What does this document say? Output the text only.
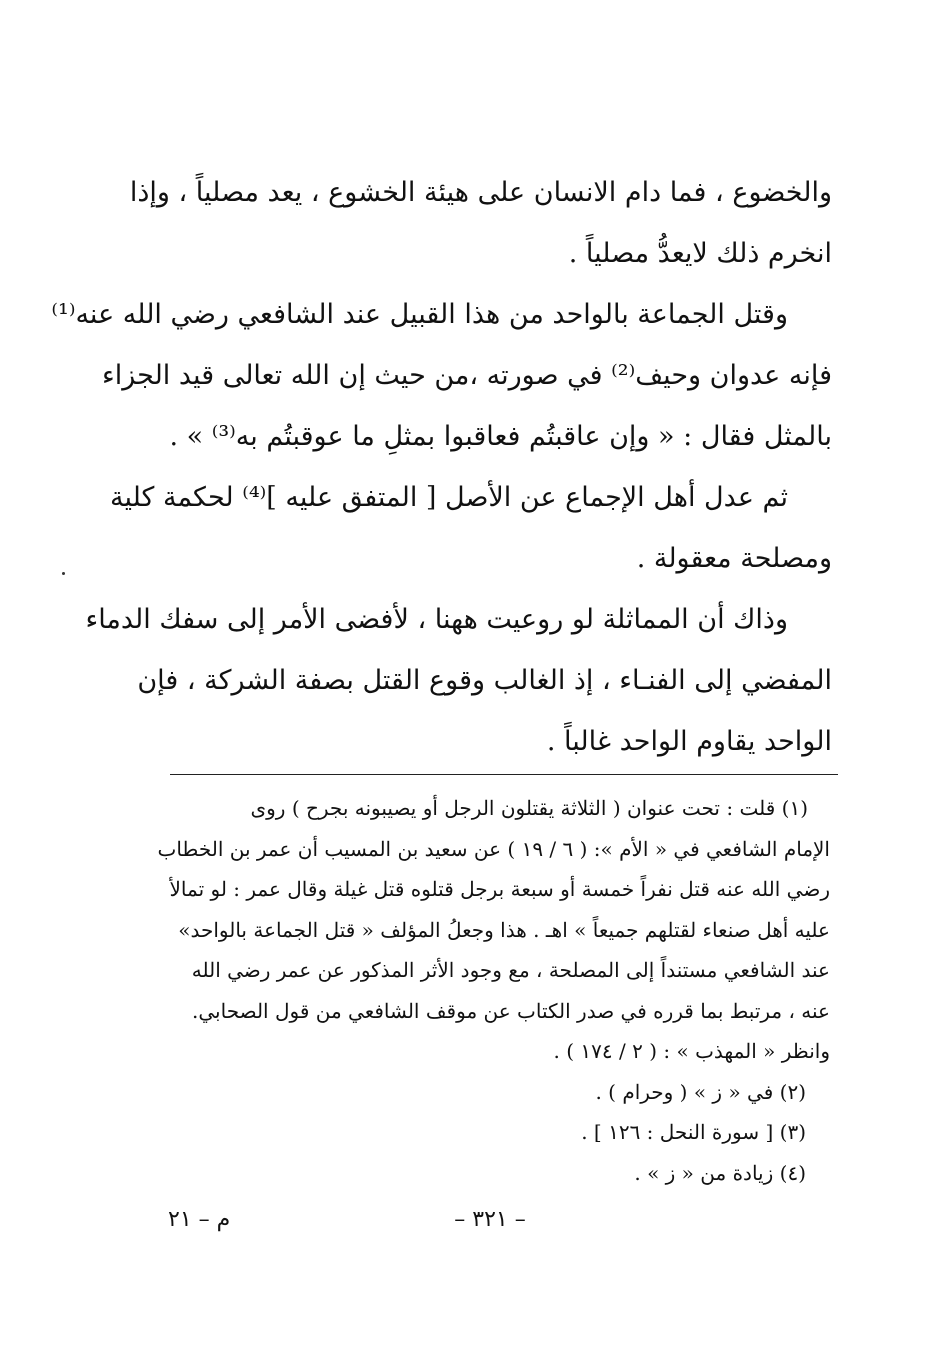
والخضوع ، فما دام الانسان على هيئة الخشوع ، يعد مصلياً ، وإذا
انخرم ذلك لايعدُّ مصلياً .
وقتل الجماعة بالواحد من هذا القبيل عند الشافعي رضي الله عنه⁽¹⁾
فإنه عدوان وحيف⁽²⁾ في صورته ،من حيث إن الله تعالى قيد الجزاء
بالمثل فقال : « وإن عاقبتُم فعاقبوا بمثلِ ما عوقبتُم به⁽³⁾ » .
ثم عدل أهل الإجماع عن الأصل [ المتفق عليه ]⁽⁴⁾ لحكمة كلية
ومصلحة معقولة .
وذاك أن المماثلة لو روعيت ههنا ، لأفضى الأمر إلى سفك الدماء
المفضي إلى الفنـاء ، إذ الغالب وقوع القتل بصفة الشركة ، فإن
الواحد يقاوم الواحد غالباً .
(١) قلت : تحت عنوان ( الثلاثة يقتلون الرجل أو يصيبونه بجرح ) روى
الإمام الشافعي في « الأم »: ( ٦ / ١٩ ) عن سعيد بن المسيب أن عمر بن الخطاب
رضي الله عنه قتل نفراً خمسة أو سبعة برجل قتلوه قتل غيلة وقال عمر : لو تمالأ
عليه أهل صنعاء لقتلهم جميعاً » اهـ . هذا وجعلُ المؤلف « قتل الجماعة بالواحد»
عند الشافعي مستنداً إلى المصلحة ، مع وجود الأثر المذكور عن عمر رضي الله
عنه ، مرتبط بما قرره في صدر الكتاب عن موقف الشافعي من قول الصحابي.
وانظر « المهذب » : ( ٢ / ١٧٤ ) .
(٢) في « ز » ( وحرام ) .
(٣) [ سورة النحل : ١٢٦ ] .
(٤) زيادة من « ز » .
– ٣٢١ –
م – ٢١
